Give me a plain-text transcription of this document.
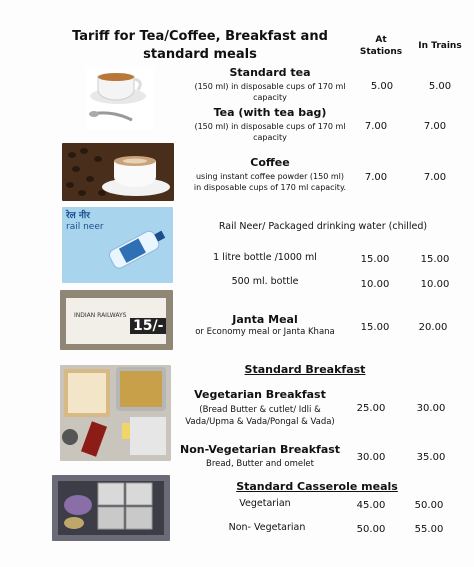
Tariff for Tea/Coffee, Breakfast and
standard meals
At
Stations
In Trains
रेल नीर
rail neer
INDIAN RAILWAYS
15/-
Standard tea
(150 ml) in disposable cups of 170 ml
capacity
5.00	5.00
Tea (with tea bag)
(150 ml) in disposable cups of 170 ml
capacity
7.00	7.00
Coffee
using instant coffee powder (150 ml)
in disposable cups of 170 ml capacity.
7.00	7.00
Rail Neer/ Packaged drinking water (chilled)
1 litre bottle /1000 ml	15.00	15.00
500 ml. bottle	10.00	10.00
Janta Meal
or Economy meal or Janta Khana	15.00	20.00
Standard Breakfast
Vegetarian Breakfast
(Bread Butter & cutlet/ Idli &
Vada/Upma & Vada/Pongal & Vada)
25.00	30.00
Non-Vegetarian Breakfast
Bread, Butter and omelet
30.00	35.00
Standard Casserole meals
Vegetarian	45.00	50.00
Non- Vegetarian	50.00	55.00
